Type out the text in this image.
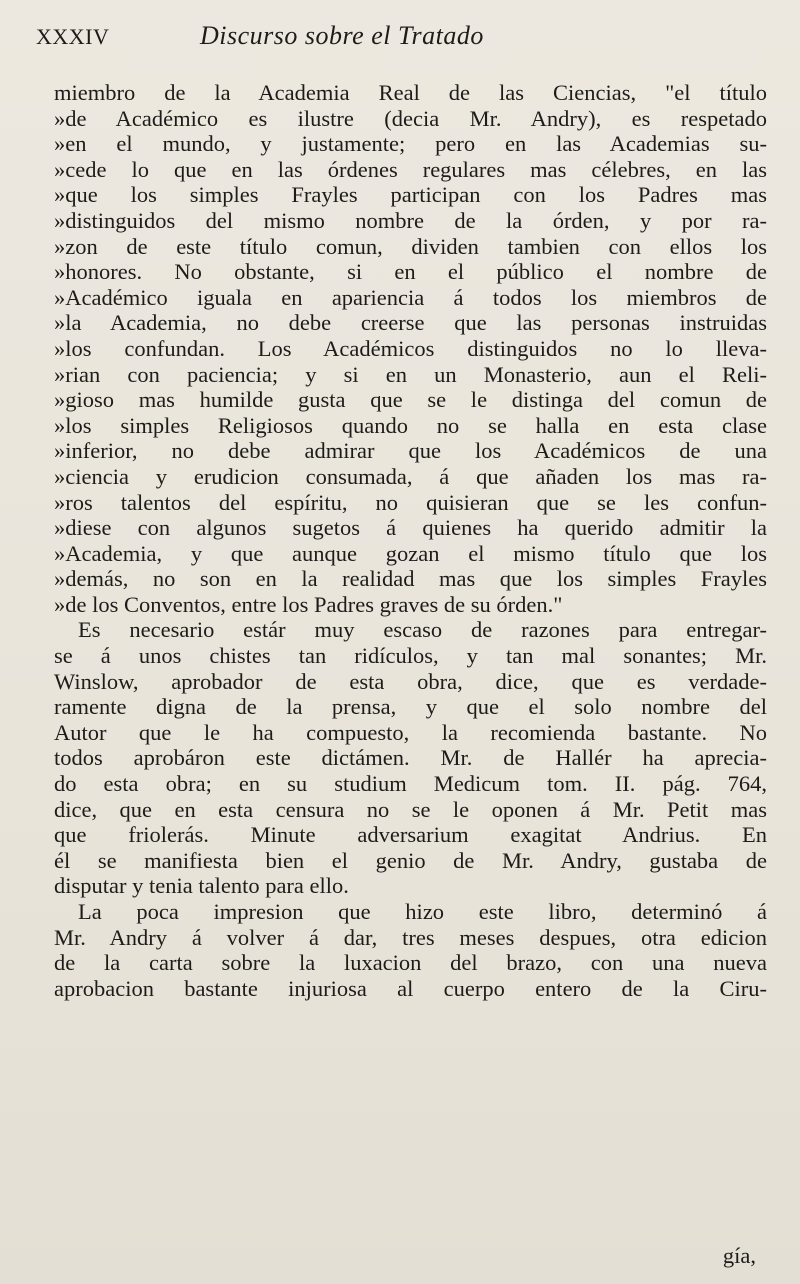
XXXIV	Discurso sobre el Tratado
miembro de la Academia Real de las Ciencias, "el título
»de Académico es ilustre (decia Mr. Andry), es respetado
»en el mundo, y justamente; pero en las Academias su-
»cede lo que en las órdenes regulares mas célebres, en las
»que los simples Frayles participan con los Padres mas
»distinguidos del mismo nombre de la órden, y por ra-
»zon de este título comun, dividen tambien con ellos los
»honores. No obstante, si en el público el nombre de
»Académico iguala en apariencia á todos los miembros de
»la Academia, no debe creerse que las personas instruidas
»los confundan. Los Académicos distinguidos no lo lleva-
»rian con paciencia; y si en un Monasterio, aun el Reli-
»gioso mas humilde gusta que se le distinga del comun de
»los simples Religiosos quando no se halla en esta clase
»inferior, no debe admirar que los Académicos de una
»ciencia y erudicion consumada, á que añaden los mas ra-
»ros talentos del espíritu, no quisieran que se les confun-
»diese con algunos sugetos á quienes ha querido admitir la
»Academia, y que aunque gozan el mismo título que los
»demás, no son en la realidad mas que los simples Frayles
»de los Conventos, entre los Padres graves de su órden."
Es necesario estár muy escaso de razones para entregar-
se á unos chistes tan ridículos, y tan mal sonantes; Mr.
Winslow, aprobador de esta obra, dice, que es verdade-
ramente digna de la prensa, y que el solo nombre del
Autor que le ha compuesto, la recomienda bastante. No
todos aprobáron este dictámen. Mr. de Hallér ha aprecia-
do esta obra; en su studium Medicum tom. II. pág. 764,
dice, que en esta censura no se le oponen á Mr. Petit mas
que friolerás. Minute adversarium exagitat Andrius. En
él se manifiesta bien el genio de Mr. Andry, gustaba de
disputar y tenia talento para ello.
La poca impresion que hizo este libro, determinó á
Mr. Andry á volver á dar, tres meses despues, otra edicion
de la carta sobre la luxacion del brazo, con una nueva
aprobacion bastante injuriosa al cuerpo entero de la Ciru-
gía,
